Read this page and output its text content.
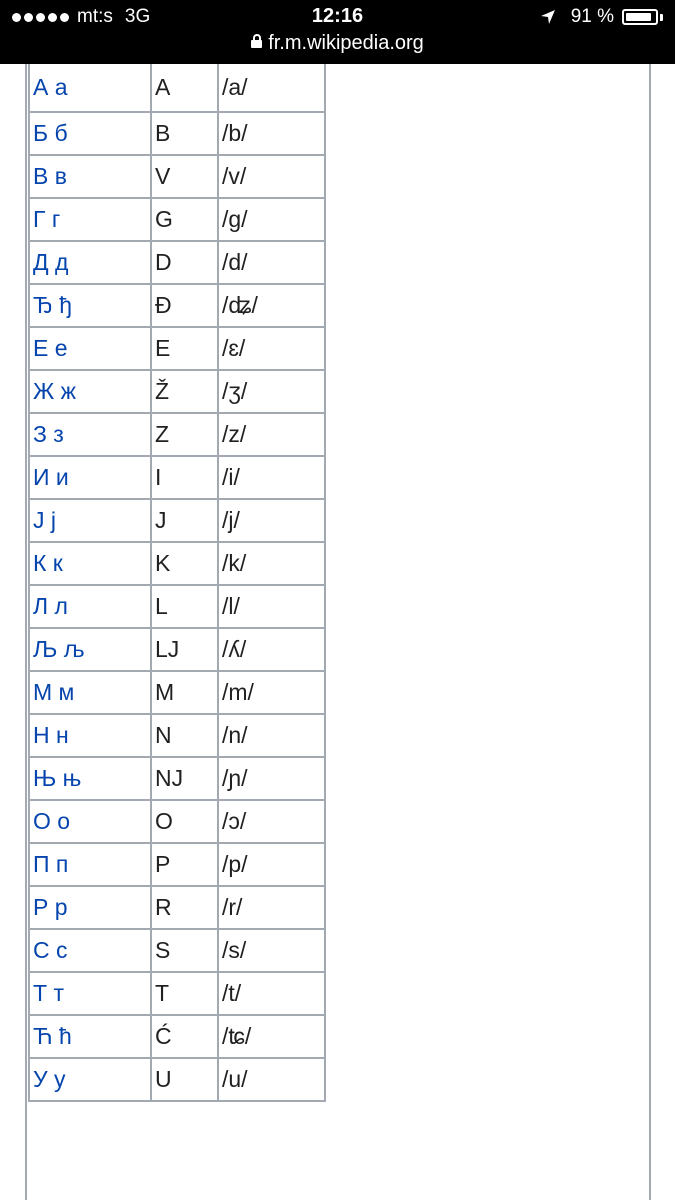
mt:s 3G	12:16
fr.m.wikipedia.org
91 %
А а	A	/a/
Б б	B	/b/
В в	V	/v/
Г г	G	/g/
Д д	D	/d/
Ђ ђ	Đ	/ʥ/
Е е	E	/ɛ/
Ж ж	Ž	/ʒ/
З з	Z	/z/
И и	I	/i/
Ј ј	J	/j/
К к	K	/k/
Л л	L	/l/
Љ љ	LJ	/ʎ/
М м	M	/m/
Н н	N	/n/
Њ њ	NJ	/ɲ/
О о	O	/ɔ/
П п	P	/p/
Р р	R	/r/
С с	S	/s/
Т т	T	/t/
Ћ ћ	Ć	/ʨ/
У у	U	/u/
